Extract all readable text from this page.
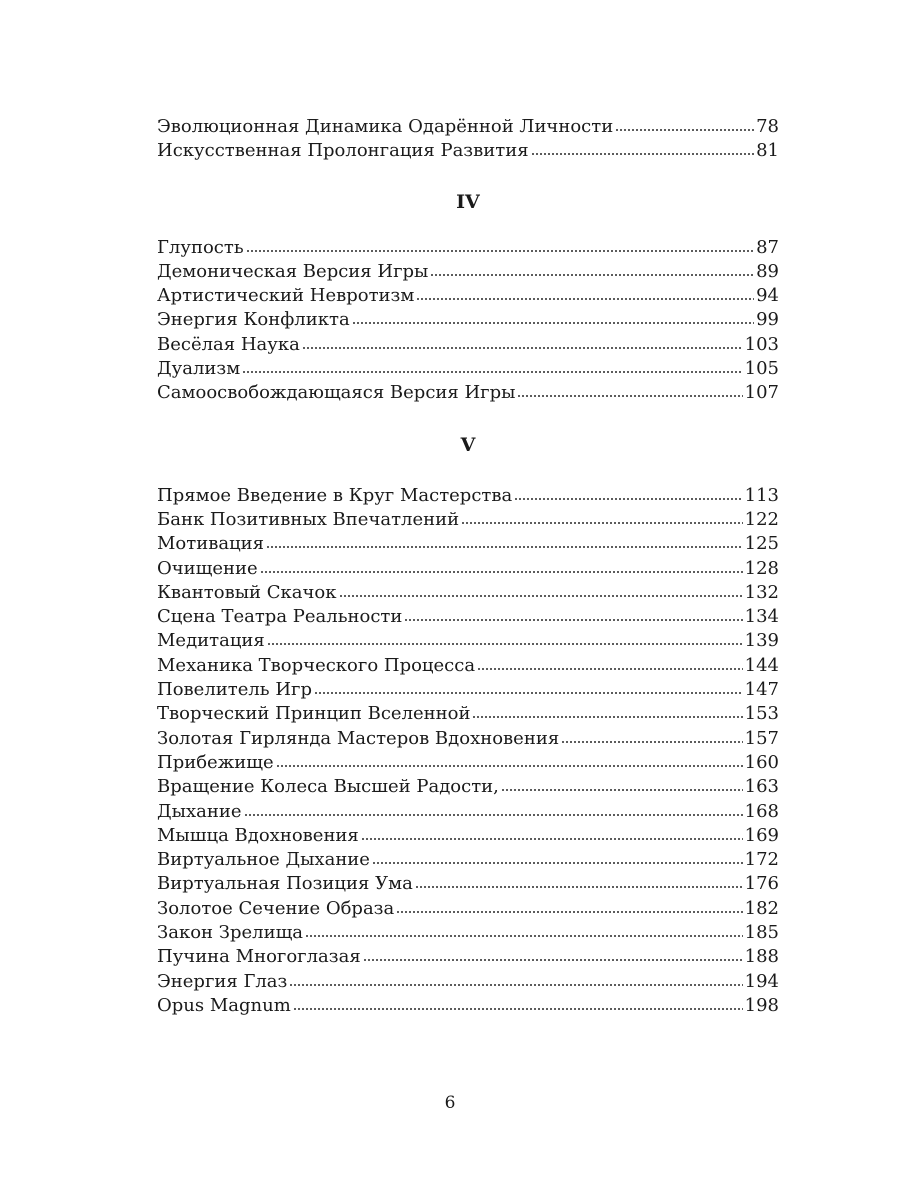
Эволюционная Динамика Одарённой Личности	78
Искусственная Пролонгация Развития	81
IV
Глупость	87
Демоническая Версия Игры	89
Артистический Невротизм	94
Энергия Конфликта	99
Весёлая Наука	103
Дуализм	105
Самоосвобождающаяся Версия Игры	107
V
Прямое Введение в Круг Мастерства	113
Банк Позитивных Впечатлений	122
Мотивация	125
Очищение	128
Квантовый Скачок	132
Сцена Театра Реальности	134
Медитация	139
Механика Творческого Процесса	144
Повелитель Игр	147
Творческий Принцип Вселенной	153
Золотая Гирлянда Мастеров Вдохновения	157
Прибежище	160
Вращение Колеса Высшей Радости,	163
Дыхание	168
Мышца Вдохновения	169
Виртуальное Дыхание	172
Виртуальная Позиция Ума	176
Золотое Сечение Образа	182
Закон Зрелища	185
Пучина Многоглазая	188
Энергия Глаз	194
Opus Magnum	198
6
